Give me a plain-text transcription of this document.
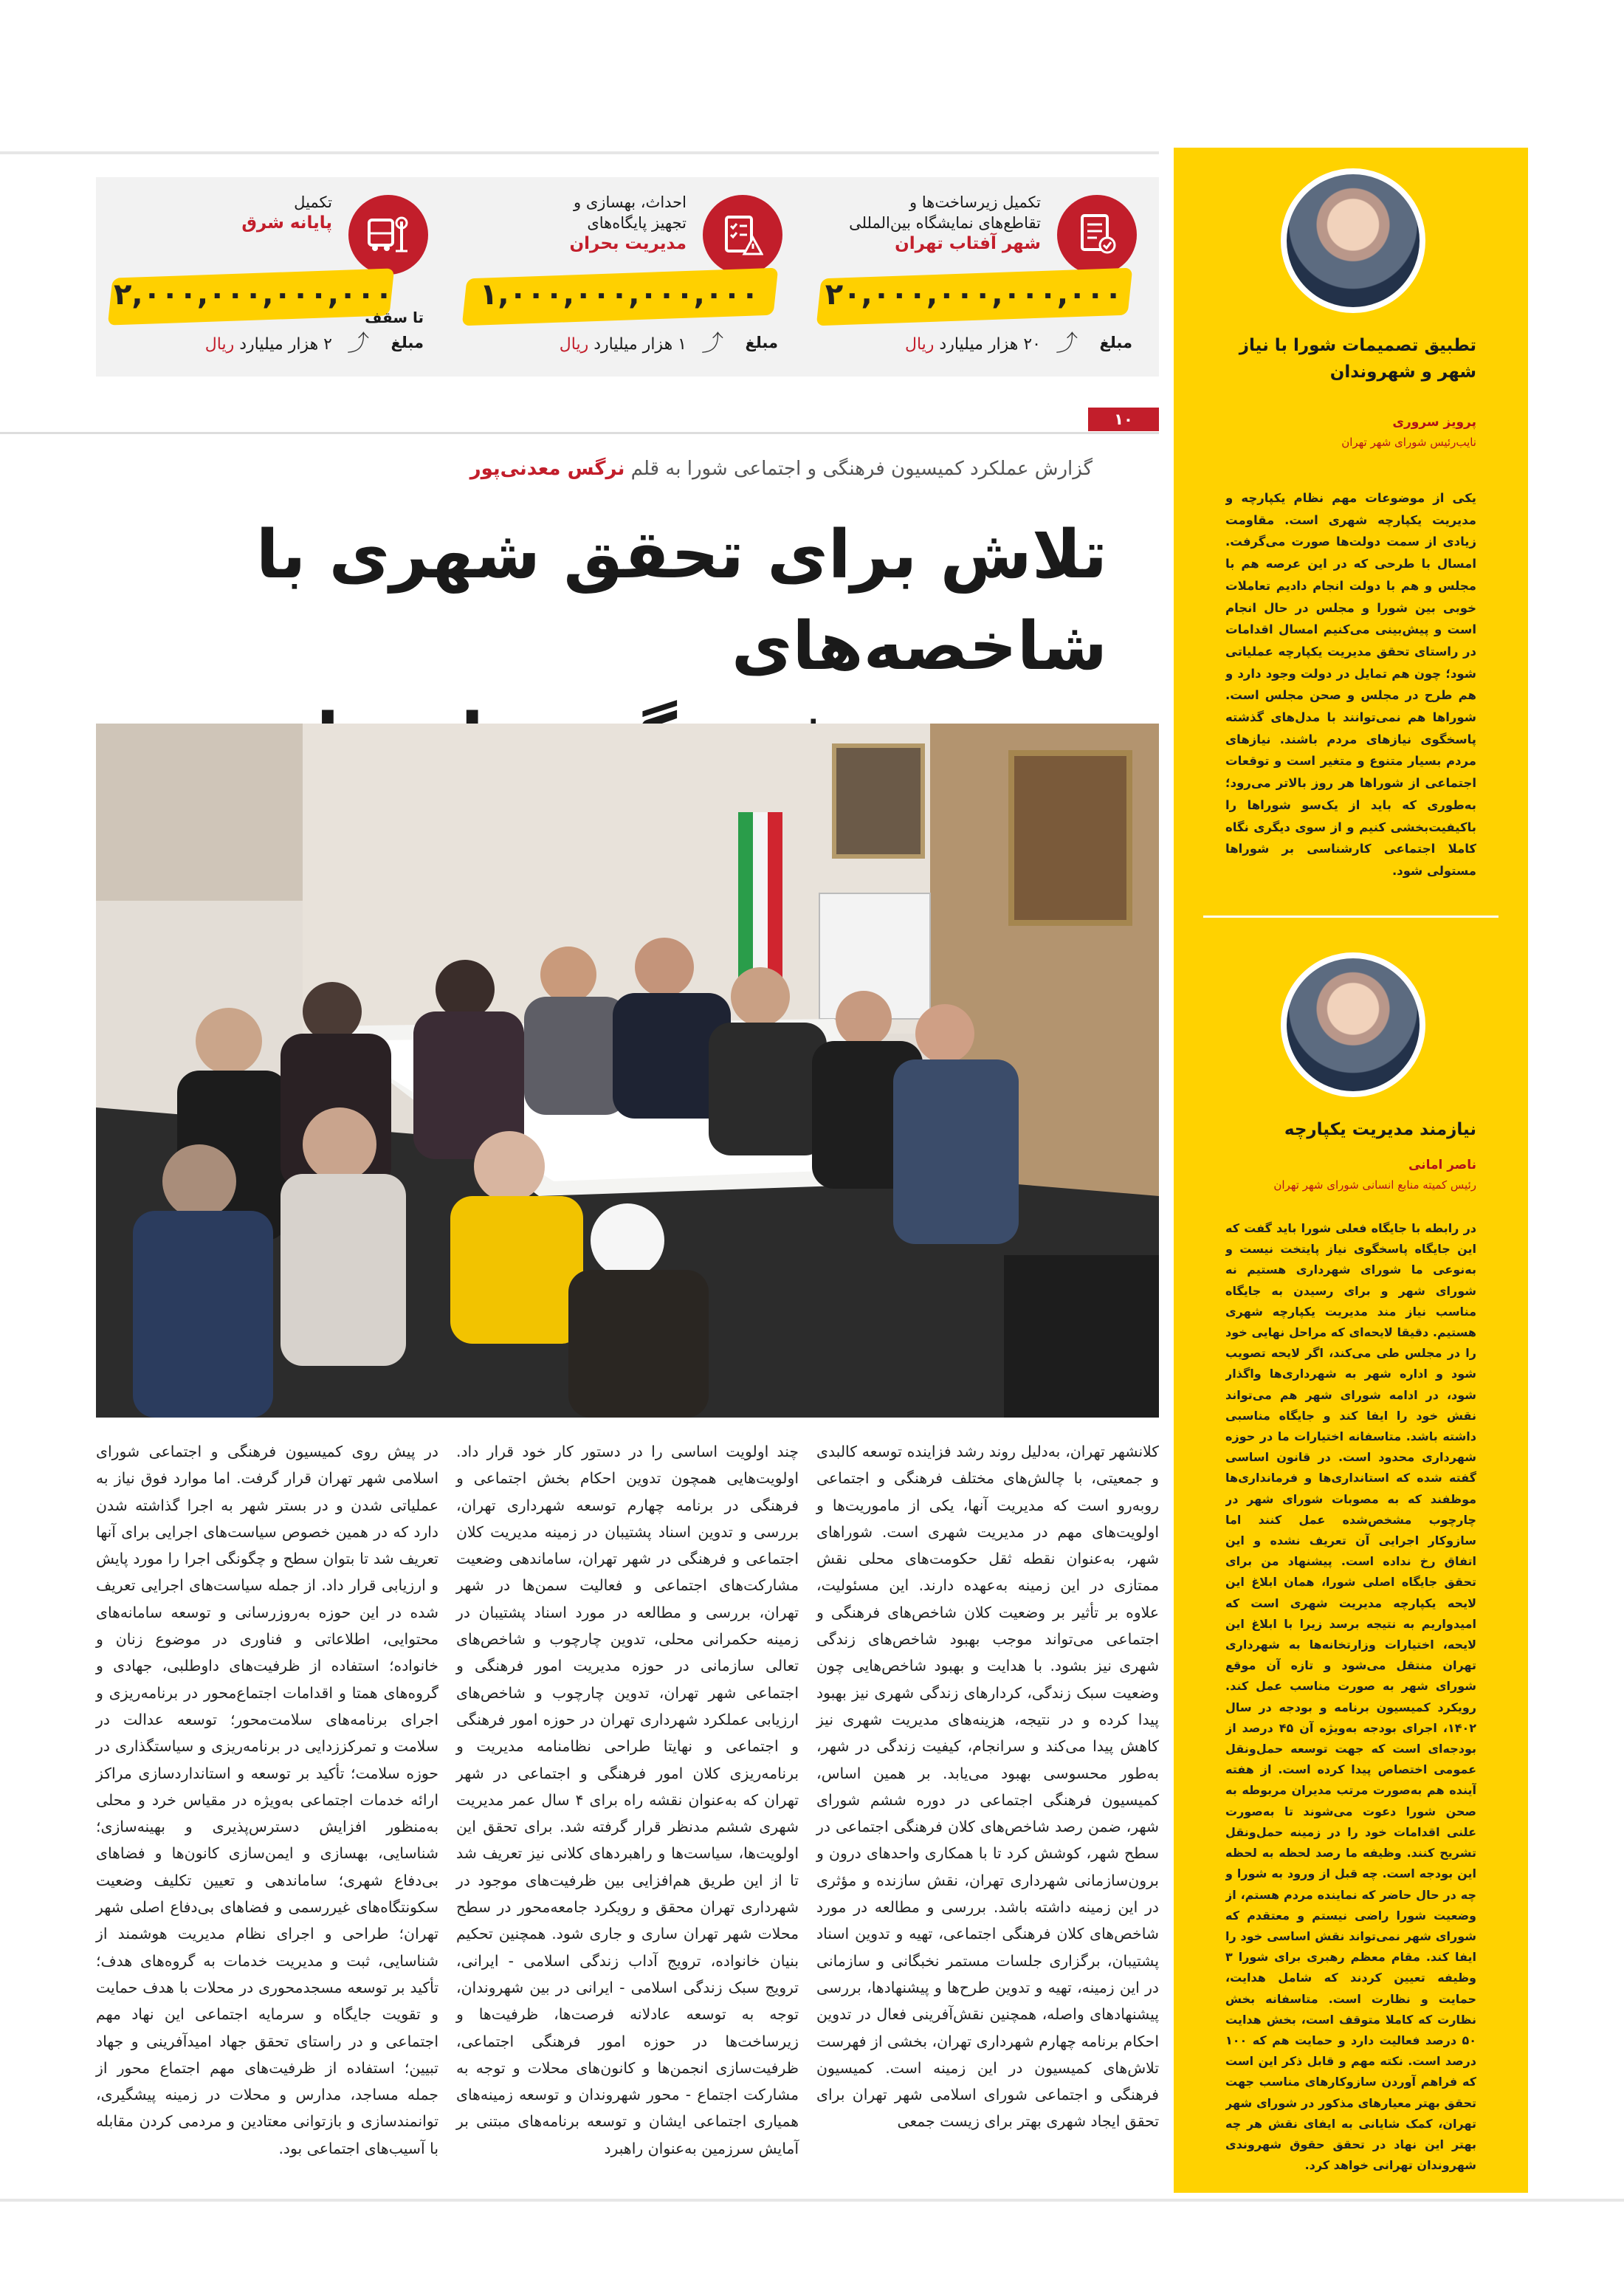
تطبیق تصمیمات شورا با نیاز شهر و شهروندان
پرویز سروری
نایب‌رئیس شورای شهر تهران
یکی از موضوعات مهم نظام یکپارچه و مدیریت یکپارچه شهری است. مقاومت زیادی از سمت دولت‌ها صورت می‌گرفت. امسال با طرحی که در این عرصه هم با مجلس و هم با دولت انجام دادیم تعاملات خوبی بین شورا و مجلس در حال انجام است و پیش‌بینی می‌کنیم امسال اقدامات در راستای تحقق مدیریت یکپارچه عملیاتی شود؛ چون هم تمایل در دولت وجود دارد و هم طرح در مجلس و صحن مجلس است. شوراها هم نمی‌توانند با مدل‌های گذشته پاسخگوی نیازهای مردم باشند. نیازهای مردم بسیار متنوع و متغیر است و توقعات اجتماعی از شوراها هر روز بالاتر می‌رود؛ به‌طوری که باید از یک‌سو شوراها را باکیفیت‌بخشی کنیم و از سوی دیگری نگاه کاملا اجتماعی کارشناسی بر شوراها مستولی شود.
نیازمند مدیریت یکپارچه
ناصر امانی
رئیس کمیته منابع انسانی شورای شهر تهران
در رابطه با جایگاه فعلی شورا باید گفت که این جایگاه پاسخگوی نیاز پایتخت نیست و به‌نوعی ما شورای شهرداری هستیم نه شورای شهر و برای رسیدن به جایگاه مناسب نیاز مند مدیریت یکپارچه شهری هستیم. دقیقا لایحه‌ای که مراحل نهایی خود را در مجلس طی می‌کند، اگر لایحه تصویب شود و اداره شهر به شهرداری‌ها واگذار شود، در ادامه شورای شهر هم می‌تواند نقش خود را ایفا کند و جایگاه مناسبی داشته باشد. متاسفانه اختیارات ما در حوزه شهرداری محدود است. در قانون اساسی گفته شده که استانداری‌ها و فرمانداری‌ها موظفند که به مصوبات شورای شهر در چارچوب مشخص‌شده عمل کنند اما سازوکار اجرایی آن تعریف نشده و این اتفاق رخ نداده است. پیشنهاد من برای تحقق جایگاه اصلی شورا، همان ابلاغ این لایحه یکپارچه مدیریت شهری است که امیدواریم به نتیجه برسد زیرا با ابلاغ این لایحه، اختیارات وزارتخانه‌ها به شهرداری تهران منتقل می‌شود و تازه آن موقع شورای شهر به صورت مناسب عمل کند. رویکرد کمیسیون برنامه و بودجه در سال ۱۴۰۲، اجرای بودجه به‌ویژه آن ۴۵ درصد از بودجه‌ای است که جهت توسعه حمل‌ونقل عمومی اختصاص پیدا کرده است. از هفته آینده هم به‌صورت مرتب مدیران مربوطه به صحن شورا دعوت می‌شوند تا به‌صورت علنی اقدامات خود را در زمینه حمل‌ونقل تشریح کنند. وظیفه ما رصد لحظه به لحظه این بودجه است. چه قبل از ورود به شورا و چه در حال حاضر که نماینده مردم هستم، از وضعیت شورا راضی نیستم و معتقدم که شورای شهر نمی‌تواند نقش اساسی خود را ایفا کند. مقام معظم رهبری برای شورا ۳ وظیفه تعیین کردند که شامل هدایت، حمایت و نظارت است. متاسفانه بخش نظارت که کاملا متوقف است، بخش هدایت ۵۰ درصد فعالیت دارد و حمایت هم که ۱۰۰ درصد است. نکته مهم و قابل ذکر این است که فراهم آوردن سازوکارهای مناسب جهت تحقق بهتر معیارهای مذکور در شورای شهر تهران، کمک شایانی به ایفای نقش هر چه بهتر این نهاد در تحقق حقوق شهروندی شهروندان تهرانی خواهد کرد.
تکمیل زیرساخت‌ها و
تقاطع‌های نمایشگاه بین‌المللی
شهر آفتاب تهران
۲۰,۰۰۰,۰۰۰,۰۰۰,۰۰۰
مبلغ
⤴
۲۰ هزار میلیارد ریال
احداث، بهسازی و
تجهیز پایگاه‌های
مدیریت بحران
۱,۰۰۰,۰۰۰,۰۰۰,۰۰۰
مبلغ
⤴
۱ هزار میلیارد ریال
تکمیل
پایانه شرق
۲,۰۰۰,۰۰۰,۰۰۰,۰۰۰
تا سقف
مبلغ
⤴
۲ هزار میلیارد ریال
۱۰
گزارش عملکرد کمیسیون فرهنگی و اجتماعی شورا به قلم نرگس معدنی‌پور
تلاش برای تحقق شهری با شاخصه‌های
کلانشهر تهران، به‌دلیل روند رشد فزاینده توسعه کالبدی و جمعیتی، با چالش‌های مختلف فرهنگی و اجتماعی روبه‌رو است که مدیریت آنها، یکی از ماموریت‌ها و اولویت‌های مهم در مدیریت شهری است. شوراهای شهر، به‌عنوان نقطه ثقل حکومت‌های محلی نقش ممتازی در این زمینه به‌عهده دارند. این مسئولیت، علاوه بر تأثیر بر وضعیت کلان شاخص‌های فرهنگی و اجتماعی می‌تواند موجب بهبود شاخص‌های زندگی شهری نیز بشود. با هدایت و بهبود شاخص‌هایی چون وضعیت سبک زندگی، کردارهای زندگی شهری نیز بهبود پیدا کرده و در نتیجه، هزینه‌های مدیریت شهری نیز کاهش پیدا می‌کند و سرانجام، کیفیت زندگی در شهر، به‌طور محسوسی بهبود می‌یابد. بر همین اساس، کمیسیون فرهنگی اجتماعی در دوره ششم شورای شهر، ضمن رصد شاخص‌های کلان فرهنگی اجتماعی در سطح شهر، کوشش کرد تا با همکاری واحدهای درون و برون‌سازمانی شهرداری تهران، نقش سازنده و مؤثری در این زمینه داشته باشد. بررسی و مطالعه در مورد شاخص‌های کلان فرهنگی اجتماعی، تهیه و تدوین اسناد پشتیبان، برگزاری جلسات مستمر نخبگانی و سازمانی در این زمینه، تهیه و تدوین طرح‌ها و پیشنهادها، بررسی پیشنهادهای واصله، همچنین نقش‌آفرینی فعال در تدوین احکام برنامه چهارم شهرداری تهران، بخشی از فهرست تلاش‌های کمیسیون در این زمینه است. کمیسیون فرهنگی و اجتماعی شورای اسلامی شهر تهران برای تحقق ایجاد شهری بهتر برای زیست جمعی
چند اولویت اساسی را در دستور کار خود قرار داد. اولویت‌هایی همچون تدوین احکام بخش اجتماعی و فرهنگی در برنامه چهارم توسعه شهرداری تهران، بررسی و تدوین اسناد پشتیبان در زمینه مدیریت کلان اجتماعی و فرهنگی در شهر تهران، ساماندهی وضعیت مشارکت‌های اجتماعی و فعالیت سمن‌ها در شهر تهران، بررسی و مطالعه در مورد اسناد پشتیبان در زمینه حکمرانی محلی، تدوین چارچوب و شاخص‌های تعالی سازمانی در حوزه مدیریت امور فرهنگی و اجتماعی شهر تهران، تدوین چارچوب و شاخص‌های ارزیابی عملکرد شهرداری تهران در حوزه امور فرهنگی و اجتماعی و نهایتا طراحی نظامنامه مدیریت و برنامه‌ریزی کلان امور فرهنگی و اجتماعی در شهر تهران که به‌عنوان نقشه راه برای ۴ سال عمر مدیریت شهری ششم مدنظر قرار گرفته شد. برای تحقق این اولویت‌ها، سیاست‌ها و راهبردهای کلانی نیز تعریف شد تا از این طریق هم‌افزایی بین ظرفیت‌های موجود در شهرداری تهران محقق و رویکرد جامعه‌محور در سطح محلات شهر تهران ساری و جاری شود. همچنین تحکیم بنیان خانواده، ترویج آداب زندگی اسلامی - ایرانی، ترویج سبک زندگی اسلامی - ایرانی در بین شهروندان، توجه به توسعه عادلانه فرصت‌ها، ظرفیت‌ها و زیرساخت‌ها در حوزه امور فرهنگی اجتماعی، ظرفیت‌سازی انجمن‌ها و کانون‌های محلات و توجه به مشارکت اجتماع - محور شهروندان و توسعه زمینه‌های همیاری اجتماعی ایشان و توسعه برنامه‌های مبتنی بر آمایش سرزمین به‌عنوان راهبرد
در پیش روی کمیسیون فرهنگی و اجتماعی شورای اسلامی شهر تهران قرار گرفت. اما موارد فوق نیاز به عملیاتی شدن و در بستر شهر به اجرا گذاشته شدن دارد که در همین خصوص سیاست‌های اجرایی برای آنها تعریف شد تا بتوان سطح و چگونگی اجرا را مورد پایش و ارزیابی قرار داد. از جمله سیاست‌های اجرایی تعریف شده در این حوزه به‌روزرسانی و توسعه سامانه‌های محتوایی، اطلاعاتی و فناوری در موضوع زنان و خانواده؛ استفاده از ظرفیت‌های داوطلبی، جهادی و گروه‌های همتا و اقدامات اجتماع‌محور در برنامه‌ریزی و اجرای برنامه‌های سلامت‌محور؛ توسعه عدالت در سلامت و تمرکززدایی در برنامه‌ریزی و سیاستگذاری در حوزه سلامت؛ تأکید بر توسعه و استانداردسازی مراکز ارائه خدمات اجتماعی به‌ویژه در مقیاس خرد و محلی به‌منظور افزایش دسترس‌پذیری و بهینه‌سازی؛ شناسایی، بهسازی و ایمن‌سازی کانون‌ها و فضاهای بی‌دفاع شهری؛ ساماندهی و تعیین تکلیف وضعیت سکونتگاه‌های غیررسمی و فضاهای بی‌دفاع اصلی شهر تهران؛ طراحی و اجرای نظام مدیریت هوشمند از شناسایی، ثبت و مدیریت خدمات به گروه‌های هدف؛ تأکید بر توسعه مسجدمحوری در محلات با هدف حمایت و تقویت جایگاه و سرمایه اجتماعی این نهاد مهم اجتماعی و در راستای تحقق جهاد امیدآفرینی و جهاد تبیین؛ استفاده از ظرفیت‌های مهم اجتماع محور از جمله مساجد، مدارس و محلات در زمینه پیشگیری، توانمندسازی و بازتوانی معتادین و مردمی کردن مقابله با آسیب‌های اجتماعی بود.
